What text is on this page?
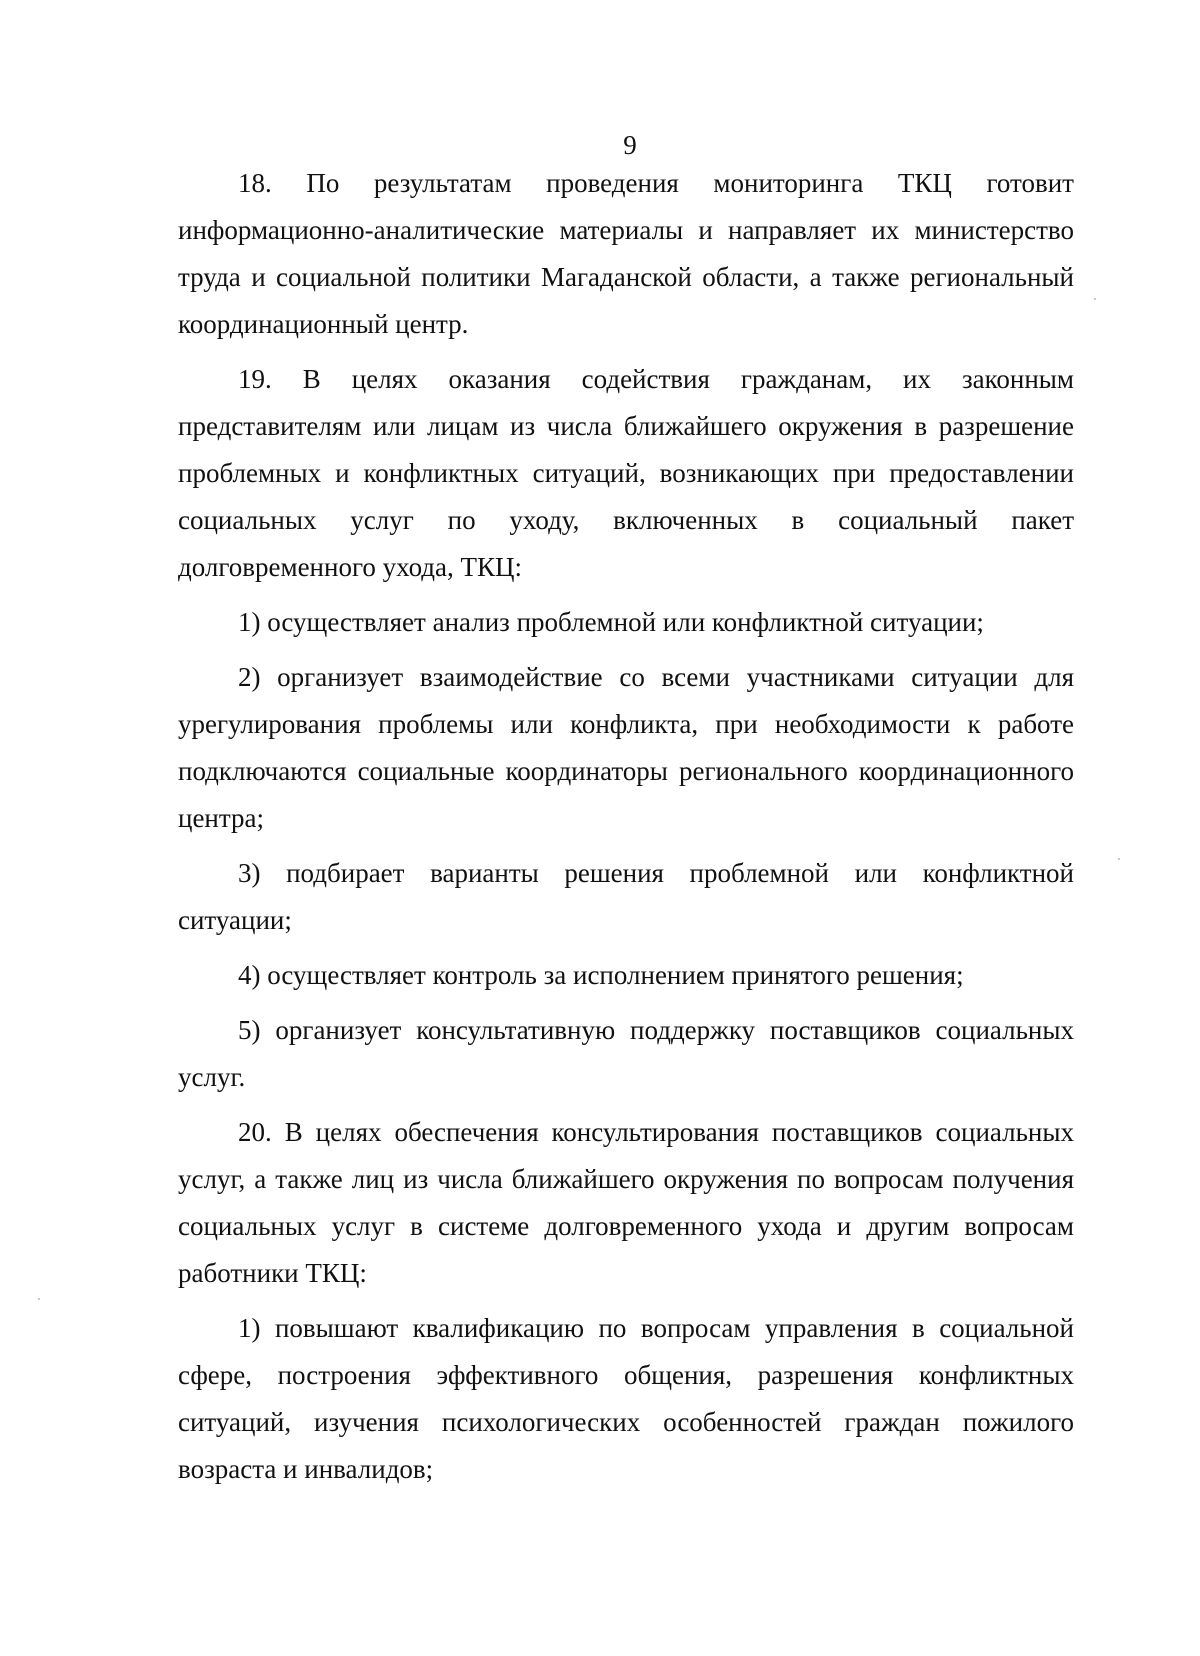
9

18. По результатам проведения мониторинга ТКЦ готовит информационно-аналитические материалы и направляет их министерство труда и социальной политики Магаданской области, а также региональный координационный центр.

19. В целях оказания содействия гражданам, их законным представителям или лицам из числа ближайшего окружения в разрешение проблемных и конфликтных ситуаций, возникающих при предоставлении социальных услуг по уходу, включенных в социальный пакет долговременного ухода, ТКЦ:

1) осуществляет анализ проблемной или конфликтной ситуации;

2) организует взаимодействие со всеми участниками ситуации для урегулирования проблемы или конфликта, при необходимости к работе подключаются социальные координаторы регионального координационного центра;

3) подбирает варианты решения проблемной или конфликтной ситуации;

4) осуществляет контроль за исполнением принятого решения;

5) организует консультативную поддержку поставщиков социальных услуг.

20. В целях обеспечения консультирования поставщиков социальных услуг, а также лиц из числа ближайшего окружения по вопросам получения социальных услуг в системе долговременного ухода и другим вопросам работники ТКЦ:

1) повышают квалификацию по вопросам управления в социальной сфере, построения эффективного общения, разрешения конфликтных ситуаций, изучения психологических особенностей граждан пожилого возраста и инвалидов;
